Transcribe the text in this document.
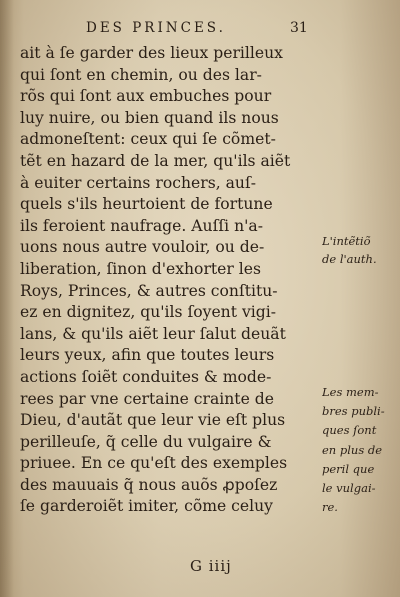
DES PRINCES.	31
ait à ſe garder des lieux perilleux
qui ſont en chemin, ou des lar-
rõs qui ſont aux embuches pour
luy nuire, ou bien quand ils nous
admoneſtent: ceux qui ſe cõmet-
tẽt en hazard de la mer, qu'ils aiẽt
à euiter certains rochers, auſ-
quels s'ils heurtoient de fortune
ils feroient naufrage. Auſſi n'a-
uons nous autre vouloir, ou de-
liberation, ſinon d'exhorter les
Roys, Princes, & autres conſtitu-
ez en dignitez, qu'ils ſoyent vigi-
lans, & qu'ils aiẽt leur ſalut deuãt
leurs yeux, afin que toutes leurs
actions ſoiẽt conduites & mode-
rees par vne certaine crainte de
Dieu, d'autãt que leur vie eſt plus
perilleuſe, q̃ celle du vulgaire &
priuee. En ce qu'eſt des exemples
des mauuais q̃ nous auõs ꝓpoſez
ſe garderoiẽt imiter, cõme celuy
L'intẽtiõ
de l'auth.
Les mem-
bres publi-
ques ſont
en plus de
peril que
le vulgai-
re.
G iiij
